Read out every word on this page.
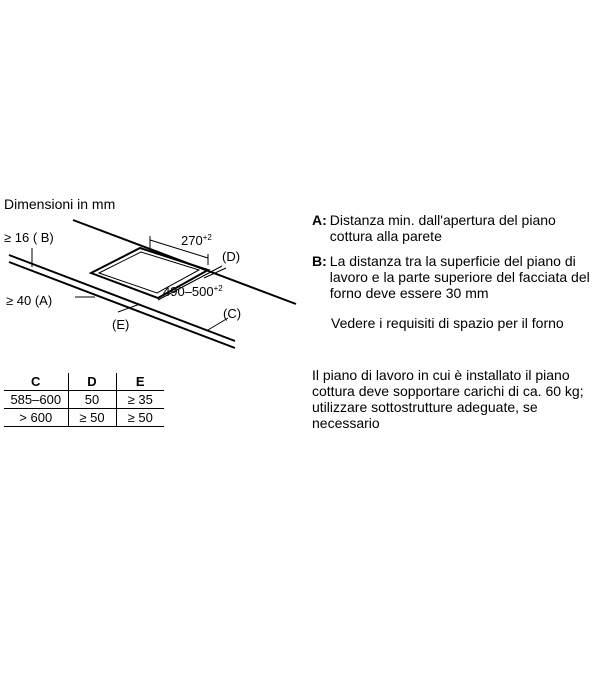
Dimensioni in mm
≥ 16 ( B)
≥ 40 (A)
(E)
(C)
(D)
$270^{+2}$
$490-500^{+2}$
C	D	E
585–600	50	≥ 35
> 600	≥ 50	≥ 50
A: Distanza min. dall'apertura del piano cottura alla parete
B: La distanza tra la superficie del piano di lavoro e la parte superiore del facciata del forno deve essere 30 mm
Vedere i requisiti di spazio per il forno
Il piano di lavoro in cui è installato il piano cottura deve sopportare carichi di ca. 60 kg; utilizzare sottostrutture adeguate, se necessario
